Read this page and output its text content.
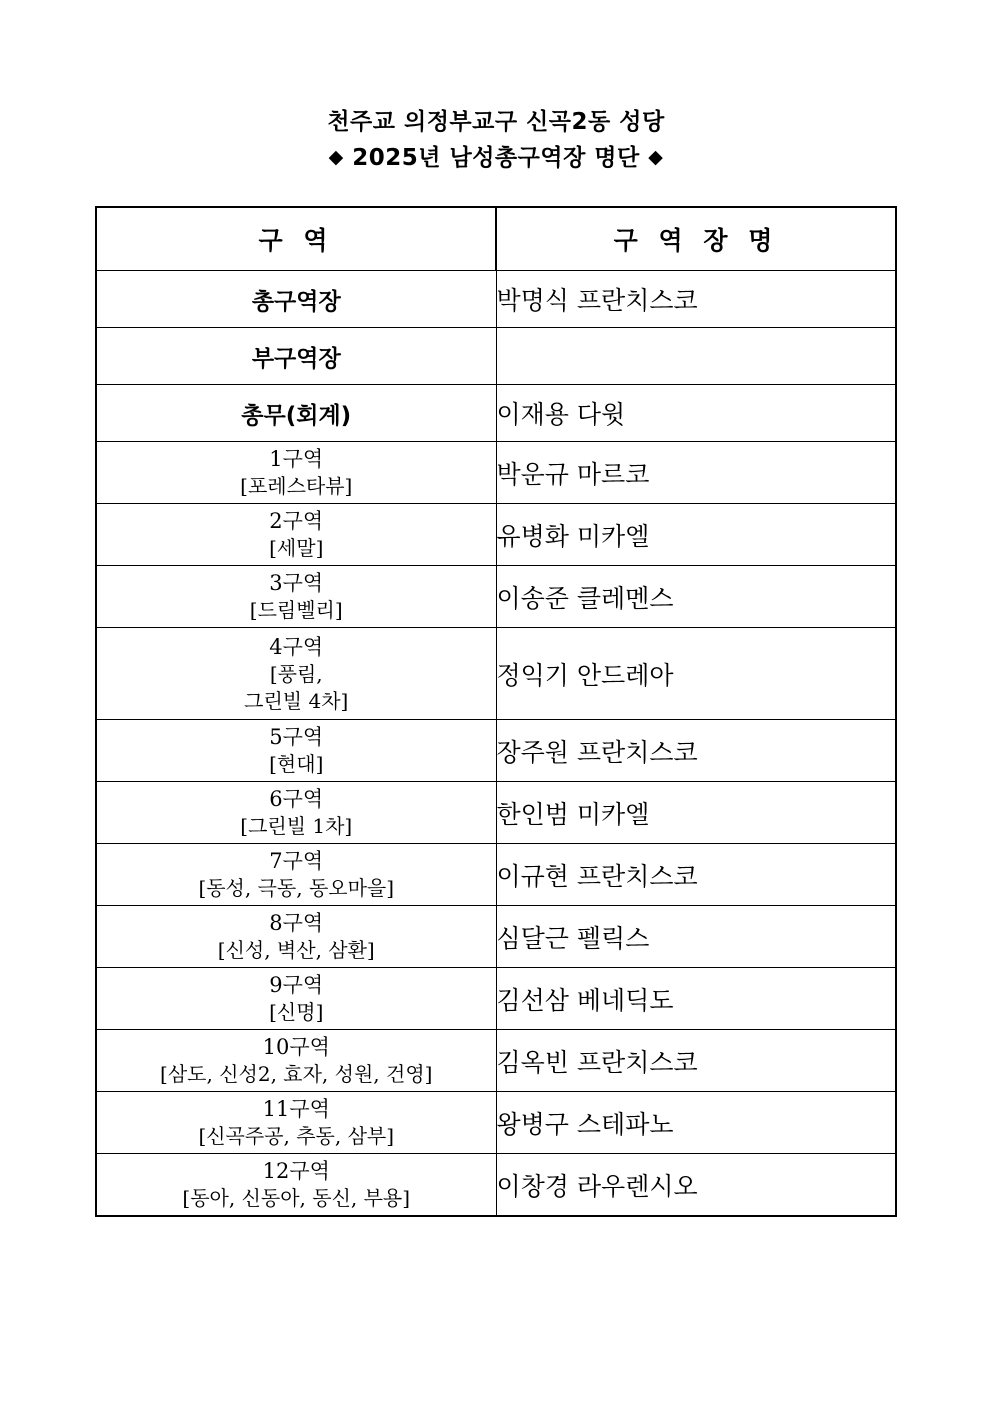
천주교 의정부교구 신곡2동 성당
◆ 2025년 남성총구역장 명단 ◆
구 역	구 역 장 명
총구역장	박명식 프란치스코
부구역장	
총무(회계)	이재용 다윗

1구역
[포레스타뷰]	박운규 마르코

2구역
[세말]	유병화 미카엘

3구역
[드림벨리]	이송준 클레멘스

4구역
[풍림,
그린빌 4차]	정익기 안드레아

5구역
[현대]	장주원 프란치스코

6구역
[그린빌 1차]	한인범 미카엘

7구역
[동성, 극동, 동오마을]	이규현 프란치스코

8구역
[신성, 벽산, 삼환]	심달근 펠릭스

9구역
[신명]	김선삼 베네딕도

10구역
[삼도, 신성2, 효자, 성원, 건영]	김옥빈 프란치스코

11구역
[신곡주공, 추동, 삼부]	왕병구 스테파노

12구역
[동아, 신동아, 동신, 부용]	이창경 라우렌시오
